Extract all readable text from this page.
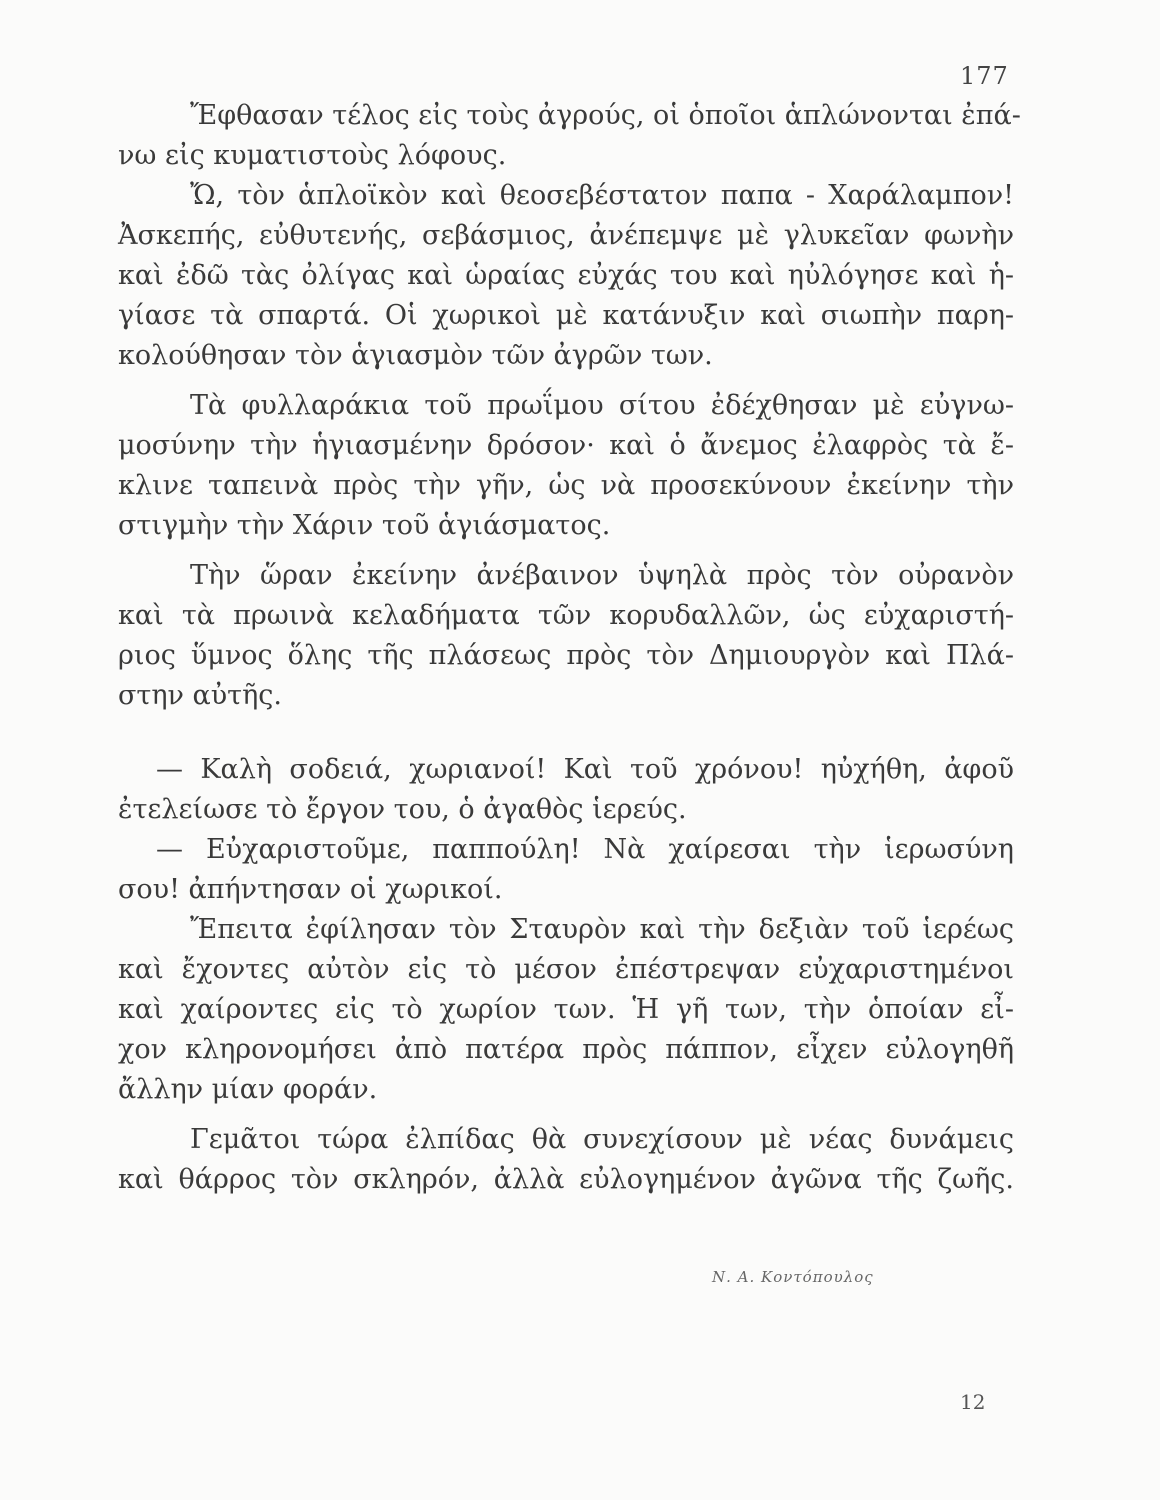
177
Ἔφθασαν τέλος εἰς τοὺς ἀγρούς, οἱ ὁποῖοι ἁπλώνονται ἐπά-
νω εἰς κυματιστοὺς λόφους.
Ὤ, τὸν ἁπλοϊκὸν καὶ θεοσεβέστατον παπα - Χαράλαμπον!
Ἀσκεπής, εὐθυτενής, σεβάσμιος, ἀνέπεμψε μὲ γλυκεῖαν φωνὴν
καὶ ἐδῶ τὰς ὀλίγας καὶ ὡραίας εὐχάς του καὶ ηὐλόγησε καὶ ἡ-
γίασε τὰ σπαρτά. Οἱ χωρικοὶ μὲ κατάνυξιν καὶ σιωπὴν παρη-
κολούθησαν τὸν ἁγιασμὸν τῶν ἀγρῶν των.
Τὰ φυλλαράκια τοῦ πρωΐμου σίτου ἐδέχθησαν μὲ εὐγνω-
μοσύνην τὴν ἡγιασμένην δρόσον· καὶ ὁ ἄνεμος ἐλαφρὸς τὰ ἔ-
κλινε ταπεινὰ πρὸς τὴν γῆν, ὡς νὰ προσεκύνουν ἐκείνην τὴν
στιγμὴν τὴν Χάριν τοῦ ἁγιάσματος.
Τὴν ὥραν ἐκείνην ἀνέβαινον ὑψηλὰ πρὸς τὸν οὐρανὸν
καὶ τὰ πρωινὰ κελαδήματα τῶν κορυδαλλῶν, ὡς εὐχαριστή-
ριος ὕμνος ὅλης τῆς πλάσεως πρὸς τὸν Δημιουργὸν καὶ Πλά-
στην αὐτῆς.
— Καλὴ σοδειά, χωριανοί! Καὶ τοῦ χρόνου! ηὐχήθη, ἀφοῦ
ἐτελείωσε τὸ ἔργον του, ὁ ἀγαθὸς ἱερεύς.
— Εὐχαριστοῦμε, παππούλη! Νὰ χαίρεσαι τὴν ἱερωσύνη
σου! ἀπήντησαν οἱ χωρικοί.
Ἔπειτα ἐφίλησαν τὸν Σταυρὸν καὶ τὴν δεξιὰν τοῦ ἱερέως
καὶ ἔχοντες αὐτὸν εἰς τὸ μέσον ἐπέστρεψαν εὐχαριστημένοι
καὶ χαίροντες εἰς τὸ χωρίον των. Ἡ γῆ των, τὴν ὁποίαν εἶ-
χον κληρονομήσει ἀπὸ πατέρα πρὸς πάππον, εἶχεν εὐλογηθῆ
ἄλλην μίαν φοράν.
Γεμᾶτοι τώρα ἐλπίδας θὰ συνεχίσουν μὲ νέας δυνάμεις
καὶ θάρρος τὸν σκληρόν, ἀλλὰ εὐλογημένον ἀγῶνα τῆς ζωῆς.
Ν. Α. Κοντόπουλος
12
